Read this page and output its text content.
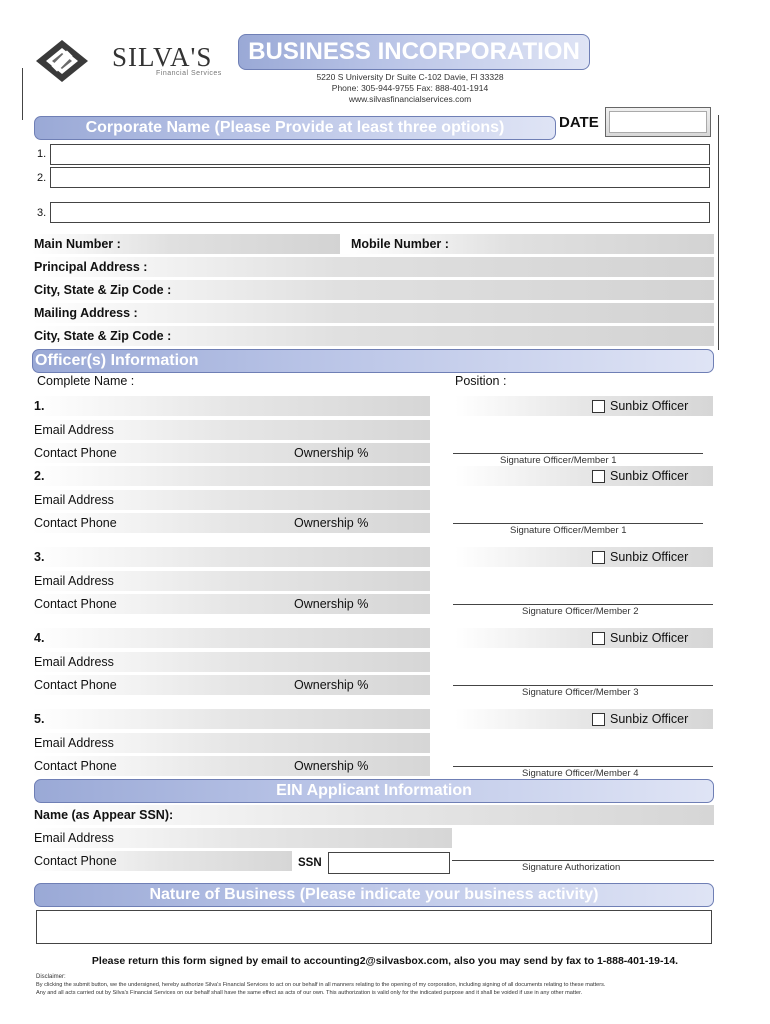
SILVA'S
Financial Services
BUSINESS INCORPORATION
5220 S University Dr Suite C-102 Davie, Fl 33328
Phone: 305-944-9755 Fax: 888-401-1914
www.silvasfinancialservices.com
Corporate Name (Please Provide at least three options)	DATE
1.
2.
3.
Main Number :	Mobile Number :
Principal Address :
City, State & Zip Code :
Mailing Address :
City, State & Zip Code :
Officer(s) Information
Complete Name :	Position :
1.	Sunbiz Officer
Email Address
Contact Phone	Ownership %
Signature Officer/Member 1
2.	Sunbiz Officer
Email Address
Contact Phone	Ownership %
Signature Officer/Member 1
3.	Sunbiz Officer
Email Address
Contact Phone	Ownership %
Signature Officer/Member 2
4.	Sunbiz Officer
Email Address
Contact Phone	Ownership %
Signature Officer/Member 3
5.	Sunbiz Officer
Email Address
Contact Phone	Ownership %
Signature Officer/Member 4
EIN Applicant Information
Name (as Appear SSN):
Email Address
Contact Phone	SSN	Signature Authorization
Nature of Business (Please indicate your business activity)
Please return this form signed by email to accounting2@silvasbox.com, also you may send by fax to 1-888-401-19-14.
Disclaimer:
By clicking the submit button, we the undersigned, hereby authorize Silva's Financial Services to act on our behalf in all manners relating to the opening of my corporation, including signing of all documents relating to these matters.
Any and all acts carried out by Silva's Financial Services on our behalf shall have the same effect as acts of our own. This authorization is valid only for the indicated purpose and it shall be voided if use in any other matter.
